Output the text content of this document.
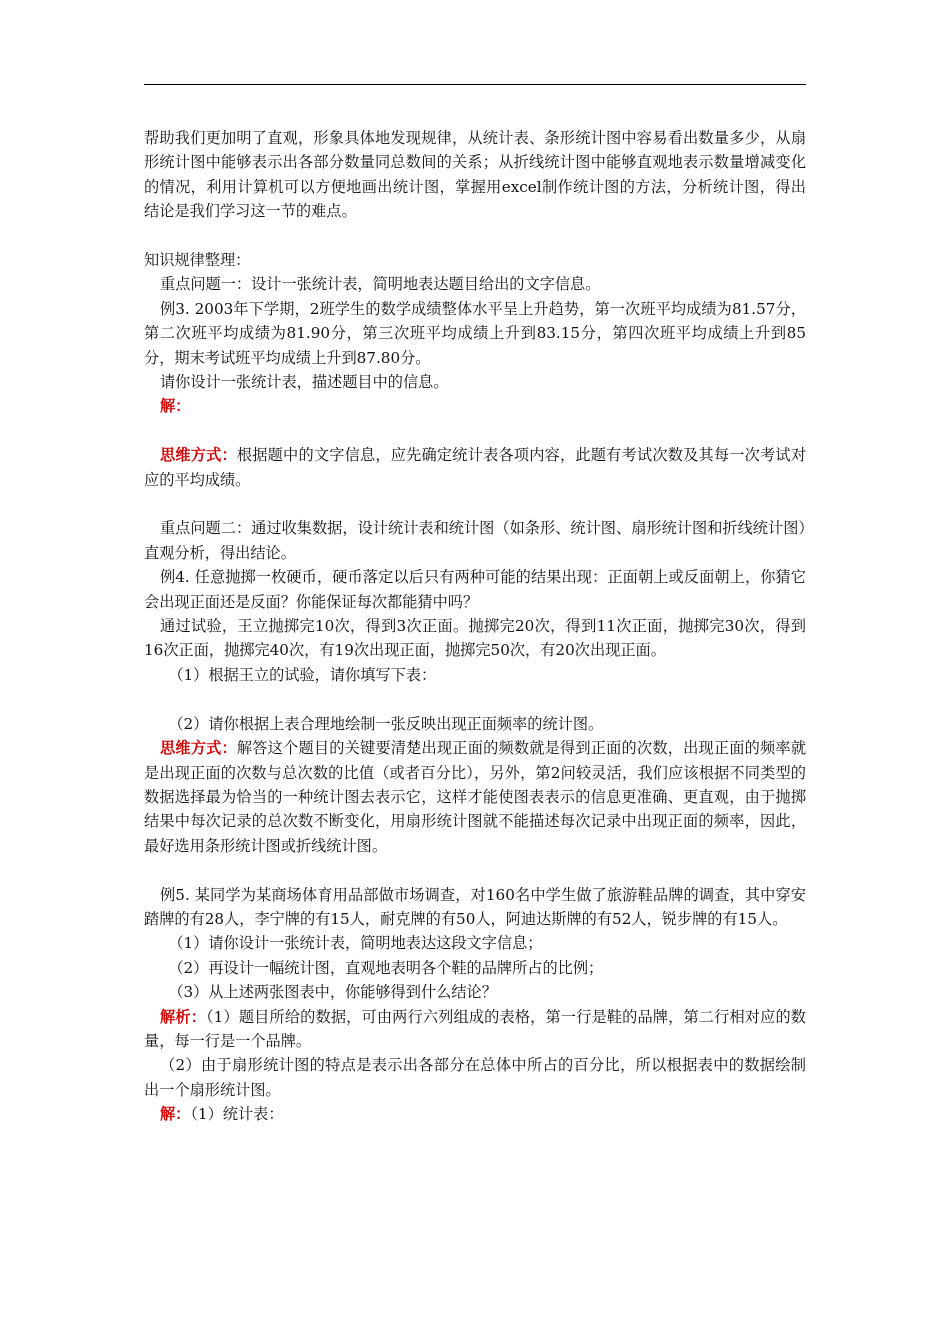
帮助我们更加明了直观，形象具体地发现规律，从统计表、条形统计图中容易看出数量多少，从扇形统计图中能够表示出各部分数量同总数间的关系；从折线统计图中能够直观地表示数量增减变化的情况，利用计算机可以方便地画出统计图，掌握用excel制作统计图的方法，分析统计图，得出结论是我们学习这一节的难点。

知识规律整理：

重点问题一：设计一张统计表，简明地表达题目给出的文字信息。

例3. 2003年下学期，2班学生的数学成绩整体水平呈上升趋势，第一次班平均成绩为81.57分，第二次班平均成绩为81.90分，第三次班平均成绩上升到83.15分，第四次班平均成绩上升到85分，期末考试班平均成绩上升到87.80分。

请你设计一张统计表，描述题目中的信息。

解：

思维方式：根据题中的文字信息，应先确定统计表各项内容，此题有考试次数及其每一次考试对应的平均成绩。

重点问题二：通过收集数据，设计统计表和统计图（如条形、统计图、扇形统计图和折线统计图）直观分析，得出结论。

例4. 任意抛掷一枚硬币，硬币落定以后只有两种可能的结果出现：正面朝上或反面朝上，你猜它会出现正面还是反面？你能保证每次都能猜中吗？

通过试验，王立抛掷完10次，得到3次正面。抛掷完20次，得到11次正面，抛掷完30次，得到16次正面，抛掷完40次，有19次出现正面，抛掷完50次，有20次出现正面。

（1）根据王立的试验，请你填写下表：

（2）请你根据上表合理地绘制一张反映出现正面频率的统计图。

思维方式：解答这个题目的关键要清楚出现正面的频数就是得到正面的次数，出现正面的频率就是出现正面的次数与总次数的比值（或者百分比），另外，第2问较灵活，我们应该根据不同类型的数据选择最为恰当的一种统计图去表示它，这样才能使图表表示的信息更准确、更直观，由于抛掷结果中每次记录的总次数不断变化，用扇形统计图就不能描述每次记录中出现正面的频率，因此，最好选用条形统计图或折线统计图。

例5. 某同学为某商场体育用品部做市场调查，对160名中学生做了旅游鞋品牌的调查，其中穿安踏牌的有28人，李宁牌的有15人，耐克牌的有50人，阿迪达斯牌的有52人，锐步牌的有15人。

（1）请你设计一张统计表，简明地表达这段文字信息；

（2）再设计一幅统计图，直观地表明各个鞋的品牌所占的比例；

（3）从上述两张图表中，你能够得到什么结论？

解析：（1）题目所给的数据，可由两行六列组成的表格，第一行是鞋的品牌，第二行相对应的数量，每一行是一个品牌。

（2）由于扇形统计图的特点是表示出各部分在总体中所占的百分比，所以根据表中的数据绘制出一个扇形统计图。

解：（1）统计表：
